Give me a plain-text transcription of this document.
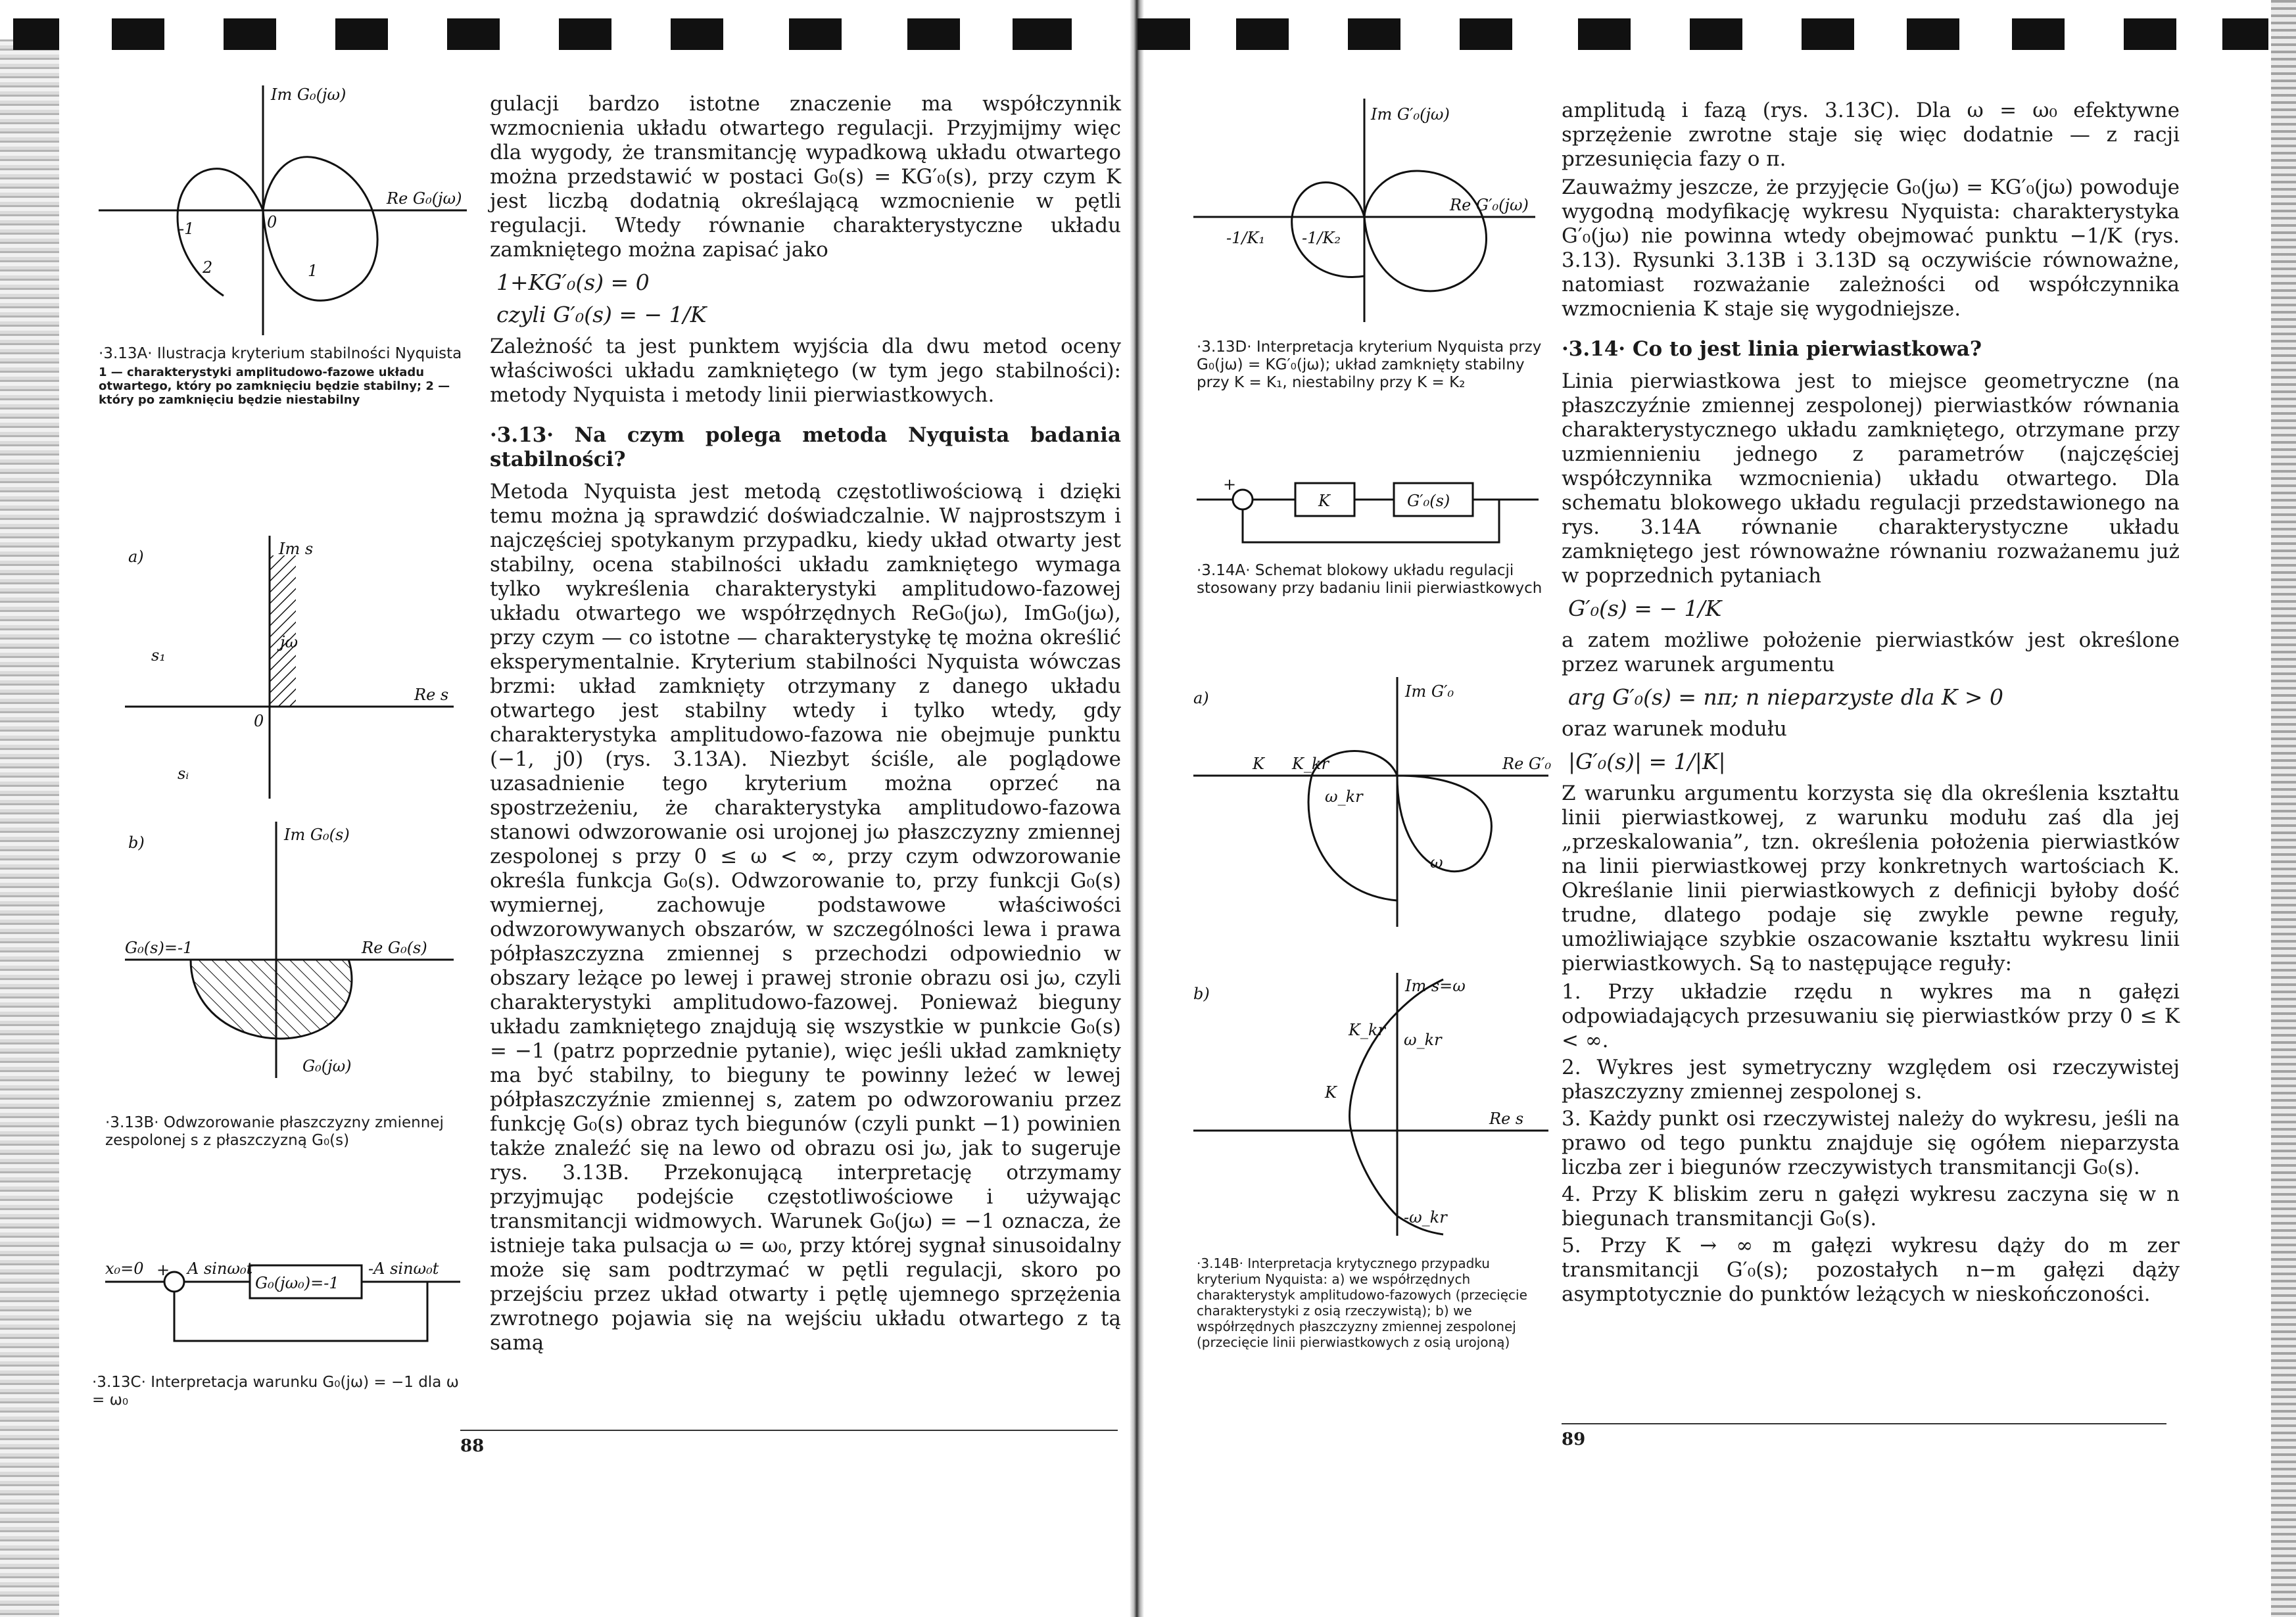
Im G₀(jω)
Re G₀(jω)
-1	0
1
2
·3.13A· Ilustracja kryterium stabilności Nyquista
1 — charakterystyki amplitudowo-fazowe układu otwartego, który po zamknięciu będzie stabilny; 2 — który po zamknięciu będzie niestabilny
a)	Im s
Re s
jω
s₁
0
sᵢ
b)	Im G₀(s)
Re G₀(s)
G₀(s)=-1
G₀(jω)
·3.13B· Odwzorowanie płaszczyzny zmiennej zespolonej s z płaszczyzną G₀(s)
x₀=0 + A sinω₀t
G₀(jω₀)=-1
-A sinω₀t
·3.13C· Interpretacja warunku G₀(jω) = −1 dla ω = ω₀

gulacji bardzo istotne znaczenie ma współczynnik wzmocnienia układu otwartego regulacji. Przyjmijmy więc dla wygody, że transmitancję wypadkową układu otwartego można przedstawić w postaci G₀(s) = KG′₀(s), przy czym K jest liczbą dodatnią określającą wzmocnienie w pętli regulacji. Wtedy równanie charakterystyczne układu zamkniętego można zapisać jako

1+KG′₀(s) = 0

czyli G′₀(s) = − 1/K

Zależność ta jest punktem wyjścia dla dwu metod oceny właściwości układu zamkniętego (w tym jego stabilności): metody Nyquista i metody linii pierwiastkowych.

·3.13· Na czym polega metoda Nyquista badania stabilności?

Metoda Nyquista jest metodą częstotliwościową i dzięki temu można ją sprawdzić doświadczalnie. W najprostszym i najczęściej spotykanym przypadku, kiedy układ otwarty jest stabilny, ocena stabilności układu zamkniętego wymaga tylko wykreślenia charakterystyki amplitudowo-fazowej układu otwartego we współrzędnych ReG₀(jω), ImG₀(jω), przy czym — co istotne — charakterystykę tę można określić eksperymentalnie. Kryterium stabilności Nyquista wówczas brzmi: układ zamknięty otrzymany z danego układu otwartego jest stabilny wtedy i tylko wtedy, gdy charakterystyka amplitudowo-fazowa nie obejmuje punktu (−1, j0) (rys. 3.13A). Niezbyt ściśle, ale poglądowe uzasadnienie tego kryterium można oprzeć na spostrzeżeniu, że charakterystyka amplitudowo-fazowa stanowi odwzorowanie osi urojonej jω płaszczyzny zmiennej zespolonej s przy 0 ≤ ω < ∞, przy czym odwzorowanie określa funkcja G₀(s). Odwzorowanie to, przy funkcji G₀(s) wymiernej, zachowuje podstawowe właściwości odwzorowywanych obszarów, w szczególności lewa i prawa półpłaszczyzna zmiennej s przechodzi odpowiednio w obszary leżące po lewej i prawej stronie obrazu osi jω, czyli charakterystyki amplitudowo-fazowej. Ponieważ bieguny układu zamkniętego znajdują się wszystkie w punkcie G₀(s) = −1 (patrz poprzednie pytanie), więc jeśli układ zamknięty ma być stabilny, to bieguny te powinny leżeć w lewej półpłaszczyźnie zmiennej s, zatem po odwzorowaniu przez funkcję G₀(s) obraz tych biegunów (czyli punkt −1) powinien także znaleźć się na lewo od obrazu osi jω, jak to sugeruje rys. 3.13B. Przekonującą interpretację otrzymamy przyjmując podejście częstotliwościowe i używając transmitancji widmowych. Warunek G₀(jω) = −1 oznacza, że istnieje taka pulsacja ω = ω₀, przy której sygnał sinusoidalny może się sam podtrzymać w pętli regulacji, skoro po przejściu przez układ otwarty i pętlę ujemnego sprzężenia zwrotnego pojawia się na wejściu układu otwartego z tą samą

88
Im G′₀(jω)
Re G′₀(jω)
-1/K₁ -1/K₂
·3.13D· Interpretacja kryterium Nyquista przy G₀(jω) = KG′₀(jω); układ zamknięty stabilny przy K = K₁, niestabilny przy K = K₂
+
K	G′₀(s)
·3.14A· Schemat blokowy układu regulacji stosowany przy badaniu linii pierwiastkowych
a)	Im G′₀
Re G′₀
K K_kr
ω_kr
ω
b)	Im s=ω
Re s
K_kr
ω_kr
K
-ω_kr
·3.14B· Interpretacja krytycznego przypadku kryterium Nyquista: a) we współrzędnych charakterystyk amplitudowo-fazowych (przecięcie charakterystyki z osią rzeczywistą); b) we współrzędnych płaszczyzny zmiennej zespolonej (przecięcie linii pierwiastkowych z osią urojoną)

amplitudą i fazą (rys. 3.13C). Dla ω = ω₀ efektywne sprzężenie zwrotne staje się więc dodatnie — z racji przesunięcia fazy o π.

Zauważmy jeszcze, że przyjęcie G₀(jω) = KG′₀(jω) powoduje wygodną modyfikację wykresu Nyquista: charakterystyka G′₀(jω) nie powinna wtedy obejmować punktu −1/K (rys. 3.13). Rysunki 3.13B i 3.13D są oczywiście równoważne, natomiast rozważanie zależności od współczynnika wzmocnienia K staje się wygodniejsze.

·3.14· Co to jest linia pierwiastkowa?

Linia pierwiastkowa jest to miejsce geometryczne (na płaszczyźnie zmiennej zespolonej) pierwiastków równania charakterystycznego układu zamkniętego, otrzymane przy uzmiennieniu jednego z parametrów (najczęściej współczynnika wzmocnienia) układu otwartego. Dla schematu blokowego układu regulacji przedstawionego na rys. 3.14A równanie charakterystyczne układu zamkniętego jest równoważne równaniu rozważanemu już w poprzednich pytaniach

G′₀(s) = − 1/K

a zatem możliwe położenie pierwiastków jest określone przez warunek argumentu

arg G′₀(s) = nπ; n nieparzyste dla K > 0

oraz warunek modułu

|G′₀(s)| = 1/|K|

Z warunku argumentu korzysta się dla określenia kształtu linii pierwiastkowej, z warunku modułu zaś dla jej „przeskalowania”, tzn. określenia położenia pierwiastków na linii pierwiastkowej przy konkretnych wartościach K. Określanie linii pierwiastkowych z definicji byłoby dość trudne, dlatego podaje się zwykle pewne reguły, umożliwiające szybkie oszacowanie kształtu wykresu linii pierwiastkowych. Są to następujące reguły:

1. Przy układzie rzędu n wykres ma n gałęzi odpowiadających przesuwaniu się pierwiastków przy 0 ≤ K < ∞.

2. Wykres jest symetryczny względem osi rzeczywistej płaszczyzny zmiennej zespolonej s.

3. Każdy punkt osi rzeczywistej należy do wykresu, jeśli na prawo od tego punktu znajduje się ogółem nieparzysta liczba zer i biegunów rzeczywistych transmitancji G₀(s).

4. Przy K bliskim zeru n gałęzi wykresu zaczyna się w n biegunach transmitancji G₀(s).

5. Przy K → ∞ m gałęzi wykresu dąży do m zer transmitancji G′₀(s); pozostałych n−m gałęzi dąży asymptotycznie do punktów leżących w nieskończoności.

89
